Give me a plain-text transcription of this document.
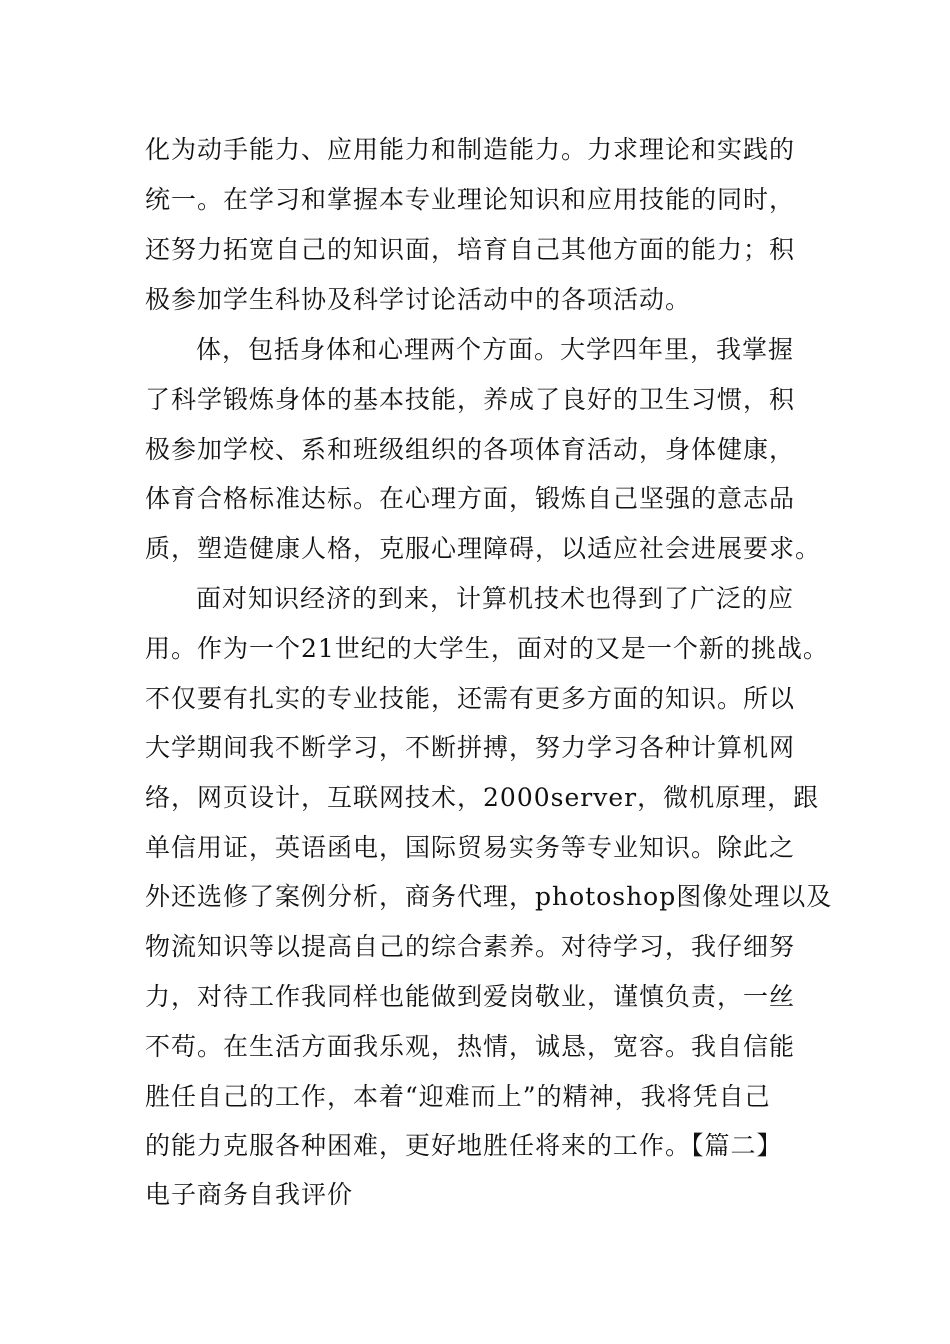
化为动手能力、应用能力和制造能力。力求理论和实践的
统一。在学习和掌握本专业理论知识和应用技能的同时，
还努力拓宽自己的知识面，培育自己其他方面的能力；积
极参加学生科协及科学讨论活动中的各项活动。
体，包括身体和心理两个方面。大学四年里，我掌握
了科学锻炼身体的基本技能，养成了良好的卫生习惯，积
极参加学校、系和班级组织的各项体育活动，身体健康，
体育合格标准达标。在心理方面，锻炼自己坚强的意志品
质，塑造健康人格，克服心理障碍，以适应社会进展要求。
面对知识经济的到来，计算机技术也得到了广泛的应
用。作为一个21世纪的大学生，面对的又是一个新的挑战。
不仅要有扎实的专业技能，还需有更多方面的知识。所以
大学期间我不断学习，不断拼搏，努力学习各种计算机网
络，网页设计，互联网技术，2000server，微机原理，跟
单信用证，英语函电，国际贸易实务等专业知识。除此之
外还选修了案例分析，商务代理，photoshop图像处理以及
物流知识等以提高自己的综合素养。对待学习，我仔细努
力，对待工作我同样也能做到爱岗敬业，谨慎负责，一丝
不苟。在生活方面我乐观，热情，诚恳，宽容。我自信能
胜任自己的工作，本着“迎难而上”的精神，我将凭自己
的能力克服各种困难，更好地胜任将来的工作。【篇二】
电子商务自我评价
